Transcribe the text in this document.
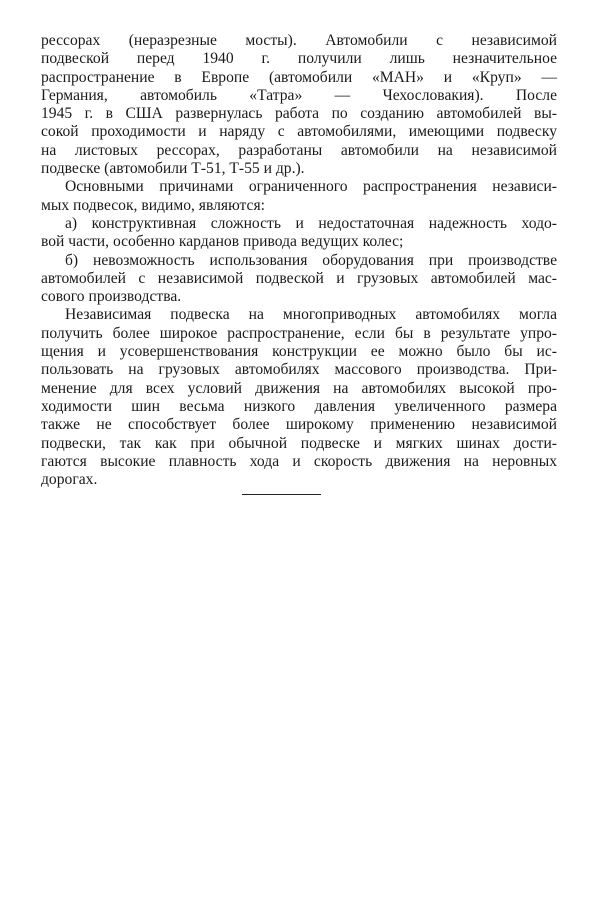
рессорах (неразрезные мосты). Автомобили с независимой
подвеской перед 1940 г. получили лишь незначительное
распространение в Европе (автомобили «МАН» и «Круп» —
Германия, автомобиль «Татра» — Чехословакия). После
1945 г. в США развернулась работа по созданию автомобилей вы-
сокой проходимости и наряду с автомобилями, имеющими подвеску
на листовых рессорах, разработаны автомобили на независимой
подвеске (автомобили Т-51, Т-55 и др.).
Основными причинами ограниченного распространения независи-
мых подвесок, видимо, являются:
а) конструктивная сложность и недостаточная надежность ходо-
вой части, особенно карданов привода ведущих колес;
б) невозможность использования оборудования при производстве
автомобилей с независимой подвеской и грузовых автомобилей мас-
сового производства.
Независимая подвеска на многоприводных автомобилях могла
получить более широкое распространение, если бы в результате упро-
щения и усовершенствования конструкции ее можно было бы ис-
пользовать на грузовых автомобилях массового производства. При-
менение для всех условий движения на автомобилях высокой про-
ходимости шин весьма низкого давления увеличенного размера
также не способствует более широкому применению независимой
подвески, так как при обычной подвеске и мягких шинах дости-
гаются высокие плавность хода и скорость движения на неровных
дорогах.
